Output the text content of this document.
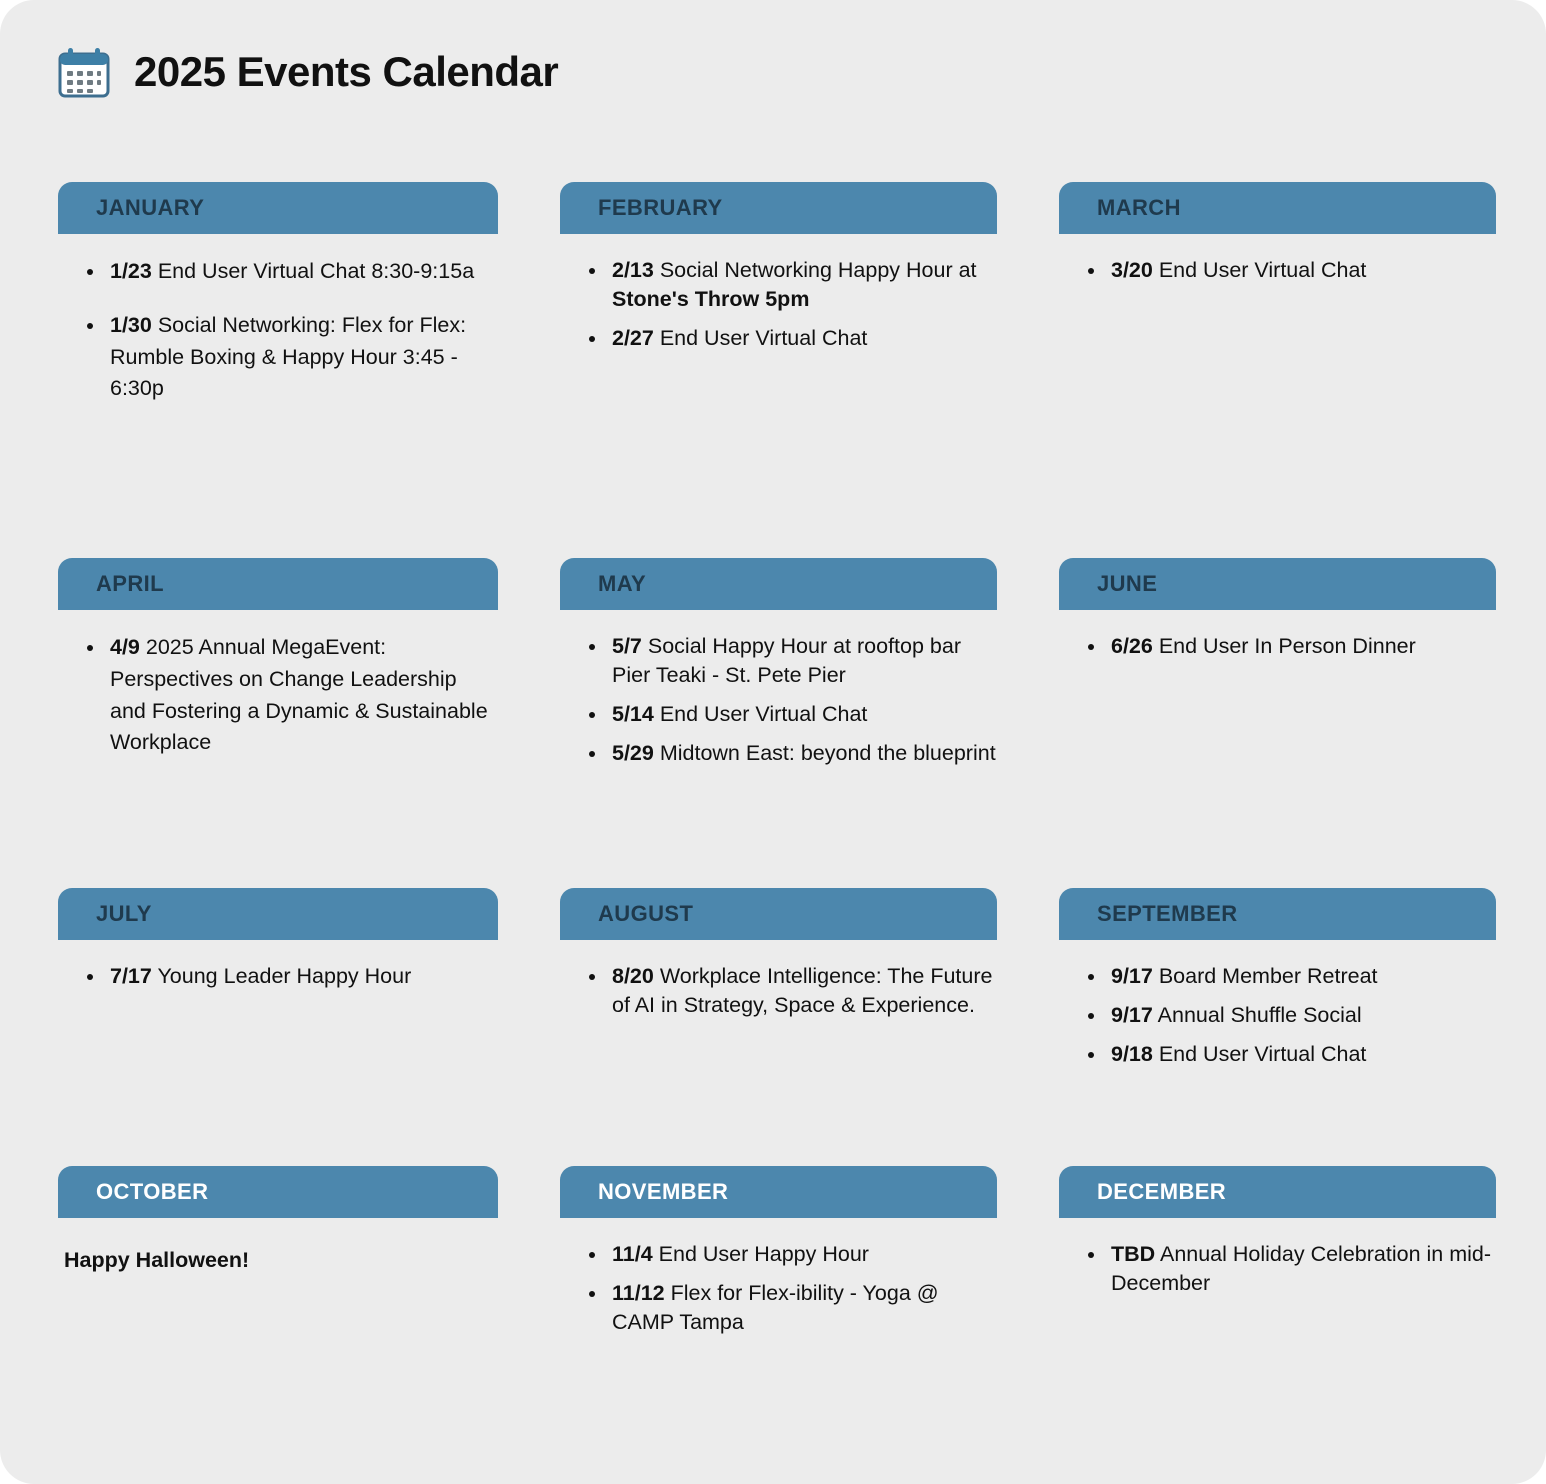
2025 Events Calendar
JANUARY
• 1/23 End User Virtual Chat 8:30-9:15a
• 1/30 Social Networking: Flex for Flex: Rumble Boxing & Happy Hour 3:45 - 6:30p
FEBRUARY
• 2/13 Social Networking Happy Hour at Stone's Throw 5pm
• 2/27 End User Virtual Chat
MARCH
• 3/20 End User Virtual Chat
APRIL
• 4/9 2025 Annual MegaEvent: Perspectives on Change Leadership and Fostering a Dynamic & Sustainable Workplace
MAY
• 5/7 Social Happy Hour at rooftop bar Pier Teaki - St. Pete Pier
• 5/14 End User Virtual Chat
• 5/29 Midtown East: beyond the blueprint
JUNE
• 6/26 End User In Person Dinner
JULY
• 7/17 Young Leader Happy Hour
AUGUST
• 8/20 Workplace Intelligence: The Future of AI in Strategy, Space & Experience.
SEPTEMBER
• 9/17 Board Member Retreat
• 9/17 Annual Shuffle Social
• 9/18 End User Virtual Chat
OCTOBER
Happy Halloween!
NOVEMBER
• 11/4 End User Happy Hour
• 11/12 Flex for Flex-ibility - Yoga @ CAMP Tampa
DECEMBER
• TBD Annual Holiday Celebration in mid-December
